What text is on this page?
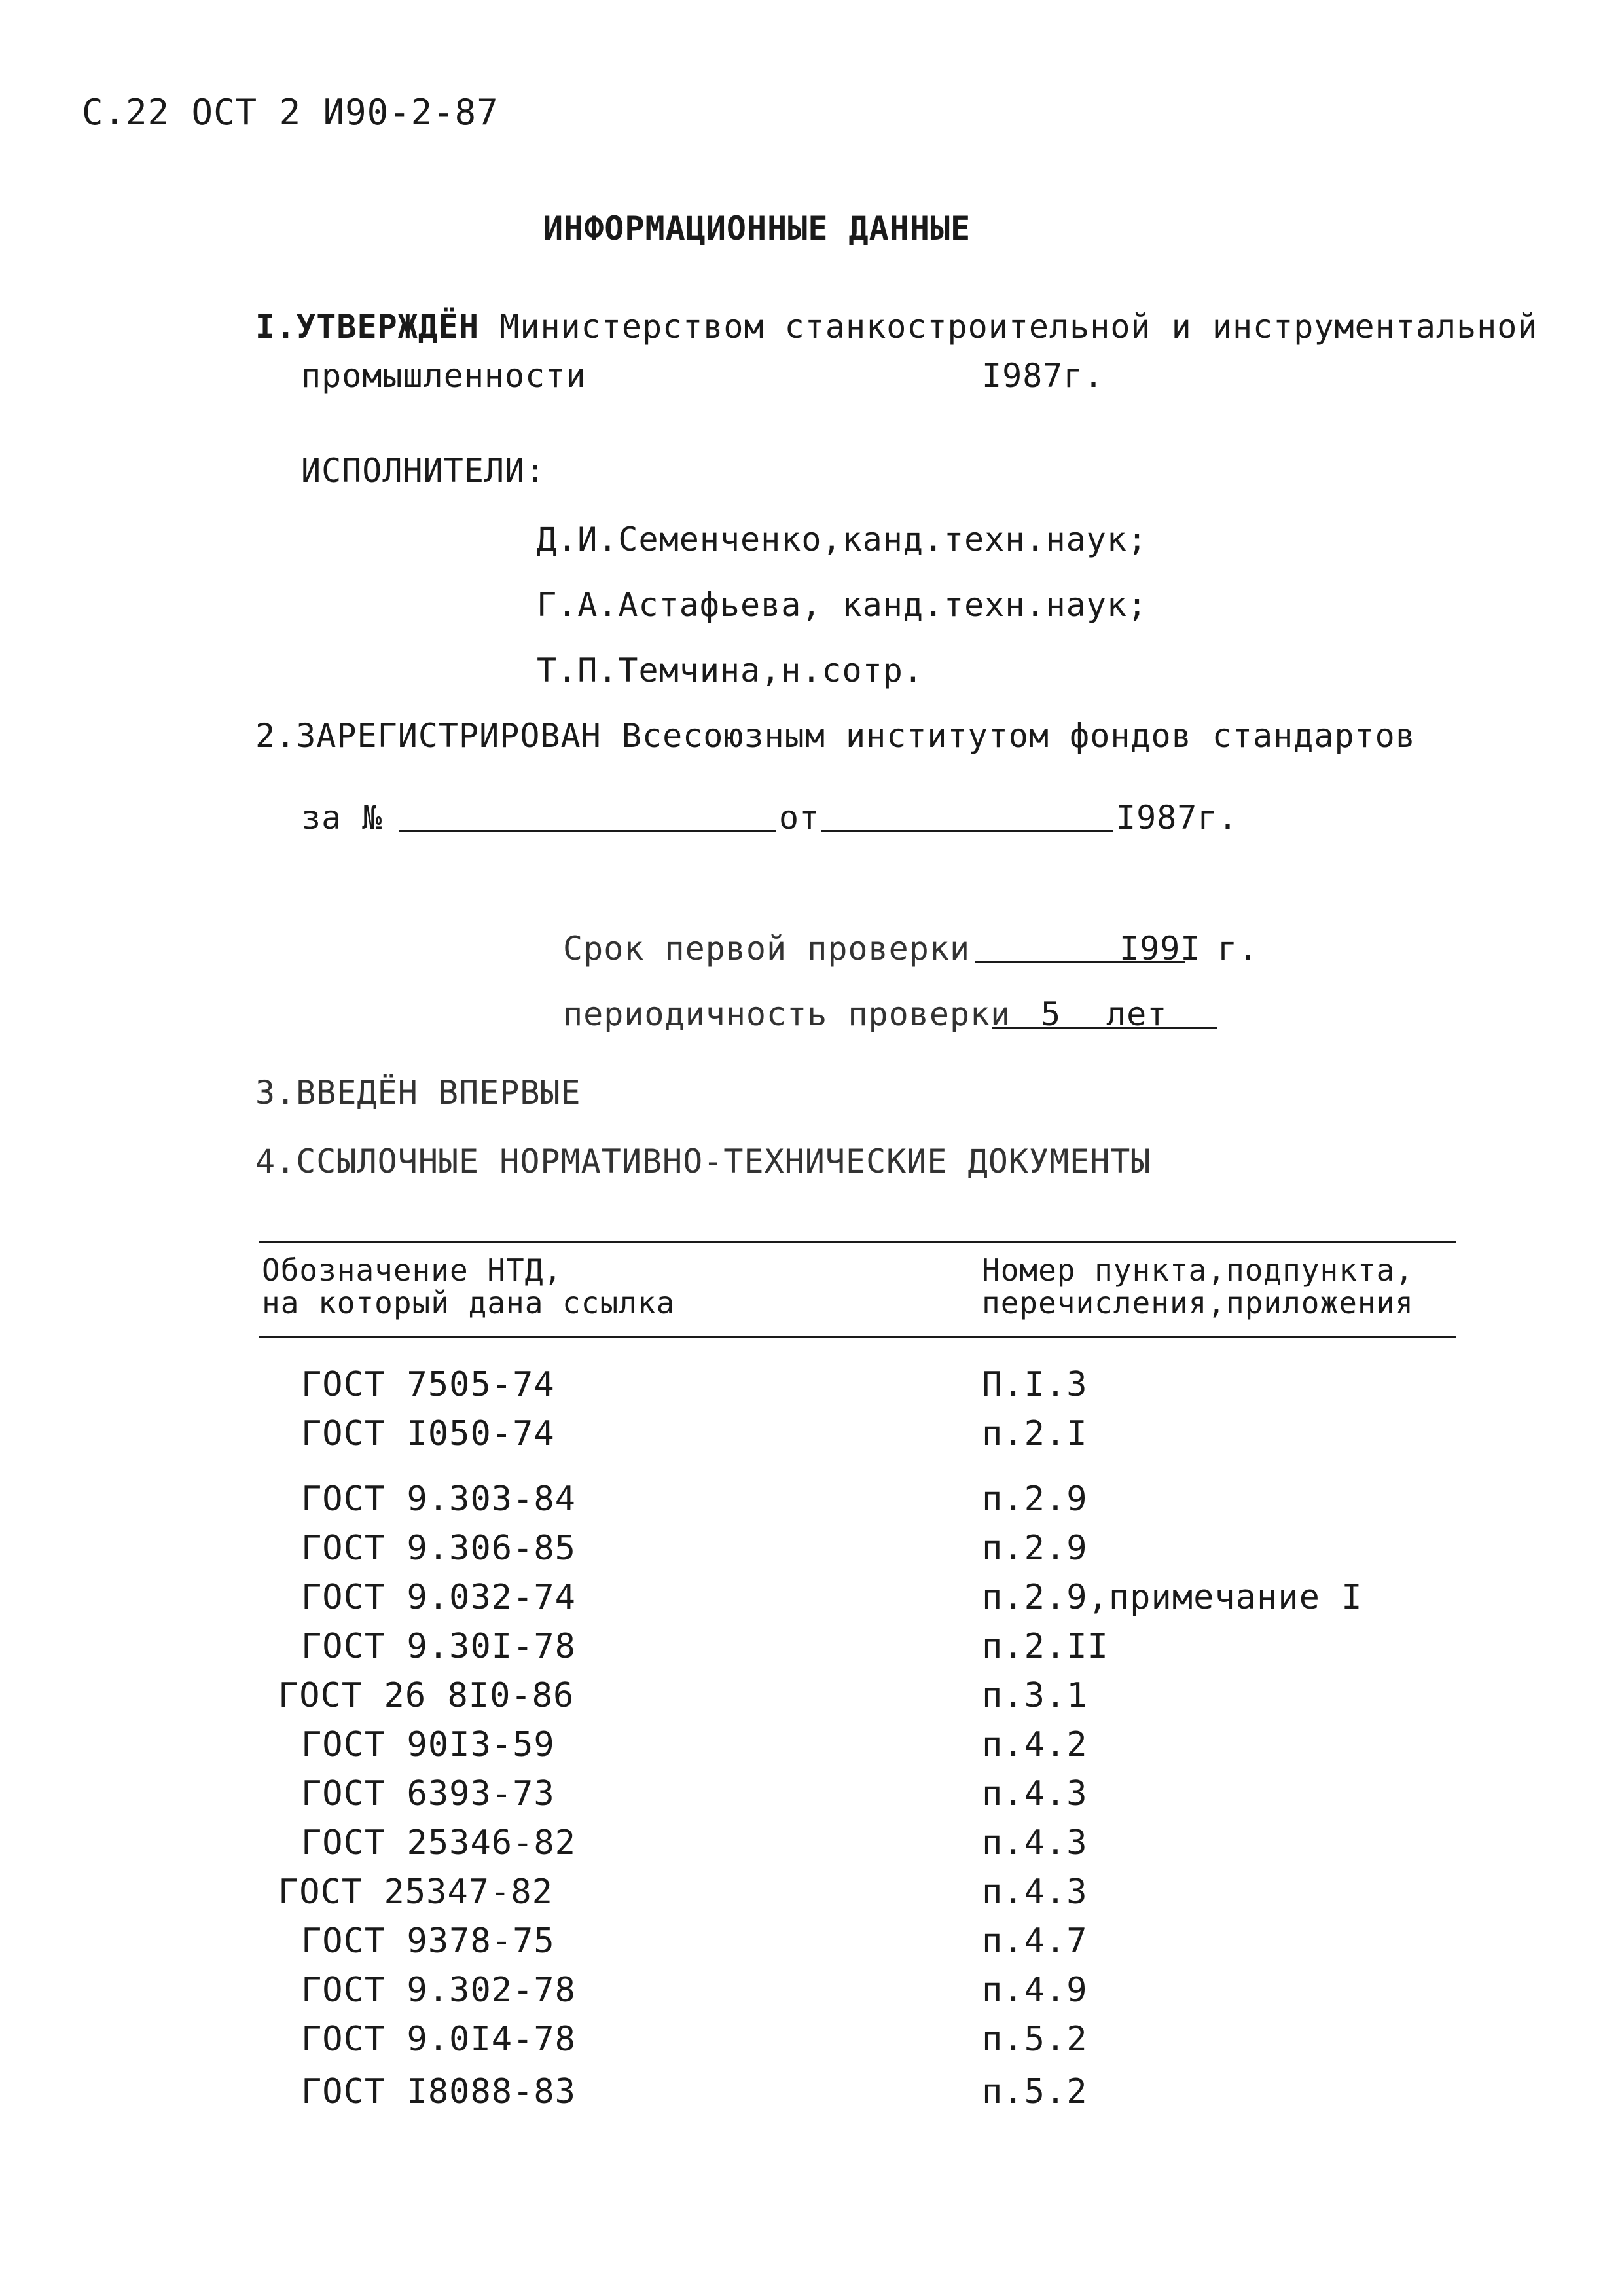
С.22 ОСТ 2 И90-2-87
ИНФОРМАЦИОННЫЕ ДАННЫЕ
I.УТВЕРЖДЁН Министерством станкостроительной и инструментальной
промышленности	I987г.
ИСПОЛНИТЕЛИ:
Д.И.Семенченко,канд.техн.наук;
Г.А.Астафьева, канд.техн.наук;
Т.П.Темчина,н.сотр.
2.ЗАРЕГИСТРИРОВАН Всесоюзным институтом фондов стандартов
за №	от	I987г.
Срок первой проверки	I99I г.
периодичность проверки 5 лет
3.ВВЕДЁН ВПЕРВЫЕ
4.ССЫЛОЧНЫЕ НОРМАТИВНО-ТЕХНИЧЕСКИЕ ДОКУМЕНТЫ
Обозначение НТД,
на который дана ссылка
Номер пункта,подпункта,
перечисления,приложения
ГОСТ 7505-74	П.I.3
ГОСТ I050-74	п.2.I
ГОСТ 9.303-84	п.2.9
ГОСТ 9.306-85	п.2.9
ГОСТ 9.032-74	п.2.9,примечание I
ГОСТ 9.30I-78	п.2.II
ГОСТ 26 8I0-86	п.3.1
ГОСТ 90I3-59	п.4.2
ГОСТ 6393-73	п.4.3
ГОСТ 25346-82	п.4.3
ГОСТ 25347-82	п.4.3
ГОСТ 9378-75	п.4.7
ГОСТ 9.302-78	п.4.9
ГОСТ 9.0I4-78	п.5.2
ГОСТ I8088-83	п.5.2
